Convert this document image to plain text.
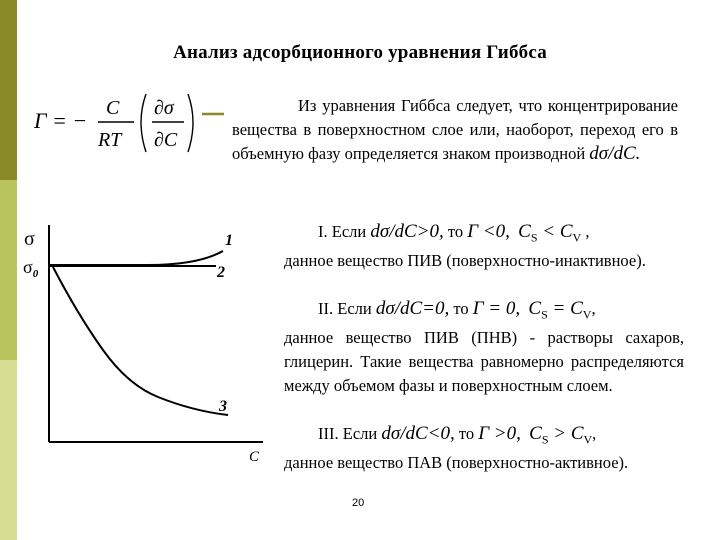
Анализ адсорбционного уравнения Гиббса
Г = − C
RT
∂σ
∂C
Из уравнения Гиббса следует, что концентрирование вещества в поверхностном слое или, наоборот, переход его в объемную фазу определяется знаком производной dσ/dC.
I. Если dσ/dC>0, то Г <0, $C_S < C_V$ ,
данное вещество ПИВ (поверхностно-инактивное).
II. Если dσ/dC=0, то Г = 0, $C_S = C_V$,
данное вещество ПИВ (ПНВ) - растворы сахаров, глицерин. Такие вещества равномерно распределяются между объемом фазы и поверхностным слоем.
III. Если dσ/dC<0, то Г >0, $C_S > C_V$,
данное вещество ПАВ (поверхностно-активное).
σ
$\sigma_0$
1
2
3
C
20
